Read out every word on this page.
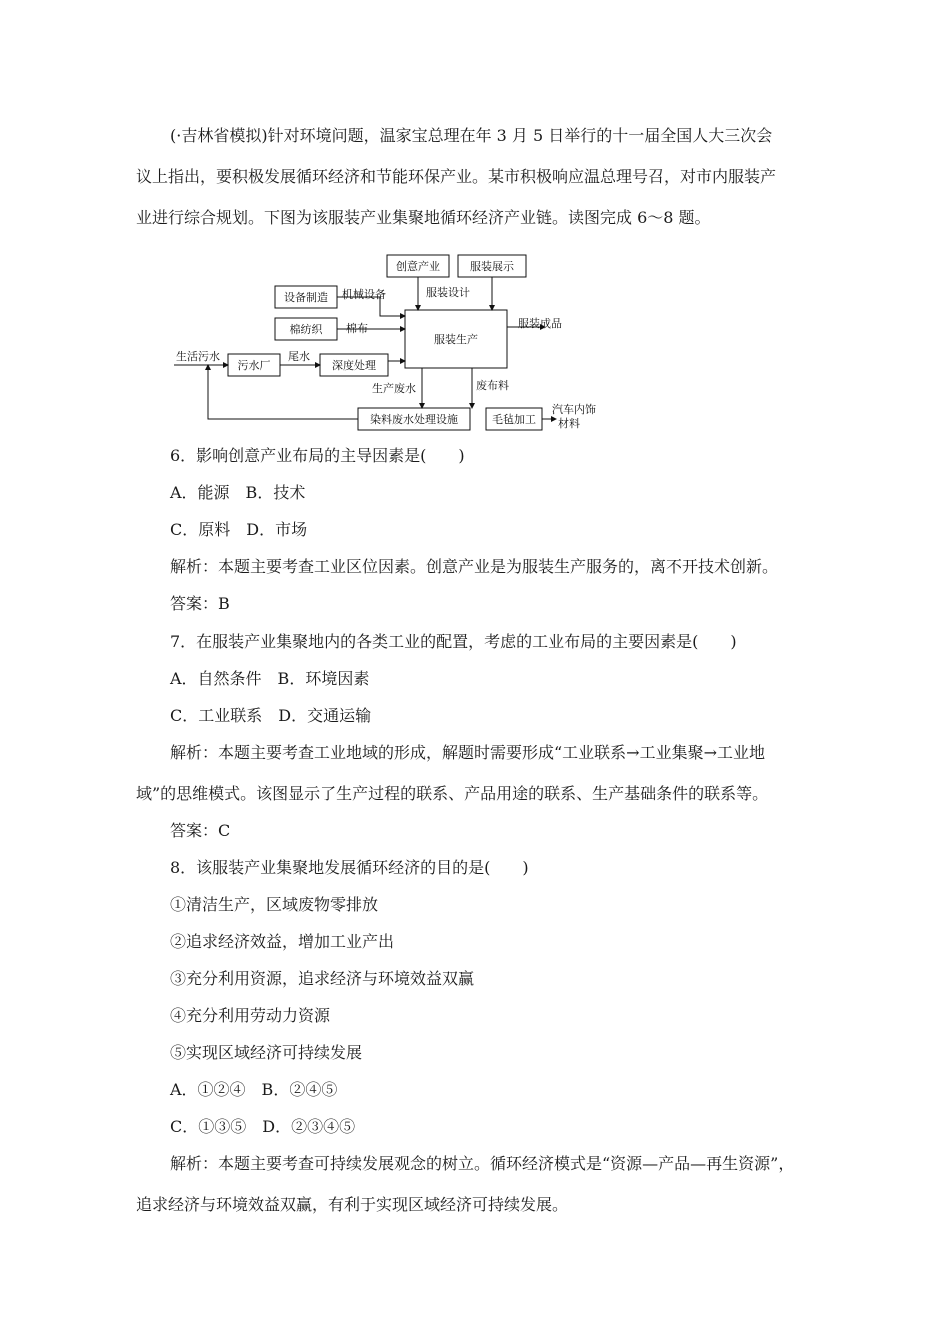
(·吉林省模拟)针对环境问题，温家宝总理在年 3 月 5 日举行的十一届全国人大三次会
议上指出，要积极发展循环经济和节能环保产业。某市积极响应温总理号召，对市内服装产
业进行综合规划。下图为该服装产业集聚地循环经济产业链。读图完成 6～8 题。
创意产业	服装展示
设备制造
棉纺织
服装生产
污水厂	深度处理
染料废水处理设施	毛毡加工
机械设备	服装设计
棉布	服装成品
生活污水	尾水
生产废水	废布料
汽车内饰
材料
6．影响创意产业布局的主导因素是(　　)
A．能源　B．技术
C．原料　D．市场
解析：本题主要考查工业区位因素。创意产业是为服装生产服务的，离不开技术创新。
答案：B
7．在服装产业集聚地内的各类工业的配置，考虑的工业布局的主要因素是(　　)
A．自然条件　B．环境因素
C．工业联系　D．交通运输
解析：本题主要考查工业地域的形成，解题时需要形成“工业联系→工业集聚→工业地
域”的思维模式。该图显示了生产过程的联系、产品用途的联系、生产基础条件的联系等。
答案：C
8．该服装产业集聚地发展循环经济的目的是(　　)
①清洁生产，区域废物零排放
②追求经济效益，增加工业产出
③充分利用资源，追求经济与环境效益双赢
④充分利用劳动力资源
⑤实现区域经济可持续发展
A．①②④　B．②④⑤
C．①③⑤　D．②③④⑤
解析：本题主要考查可持续发展观念的树立。循环经济模式是“资源—产品—再生资源”，
追求经济与环境效益双赢，有利于实现区域经济可持续发展。
